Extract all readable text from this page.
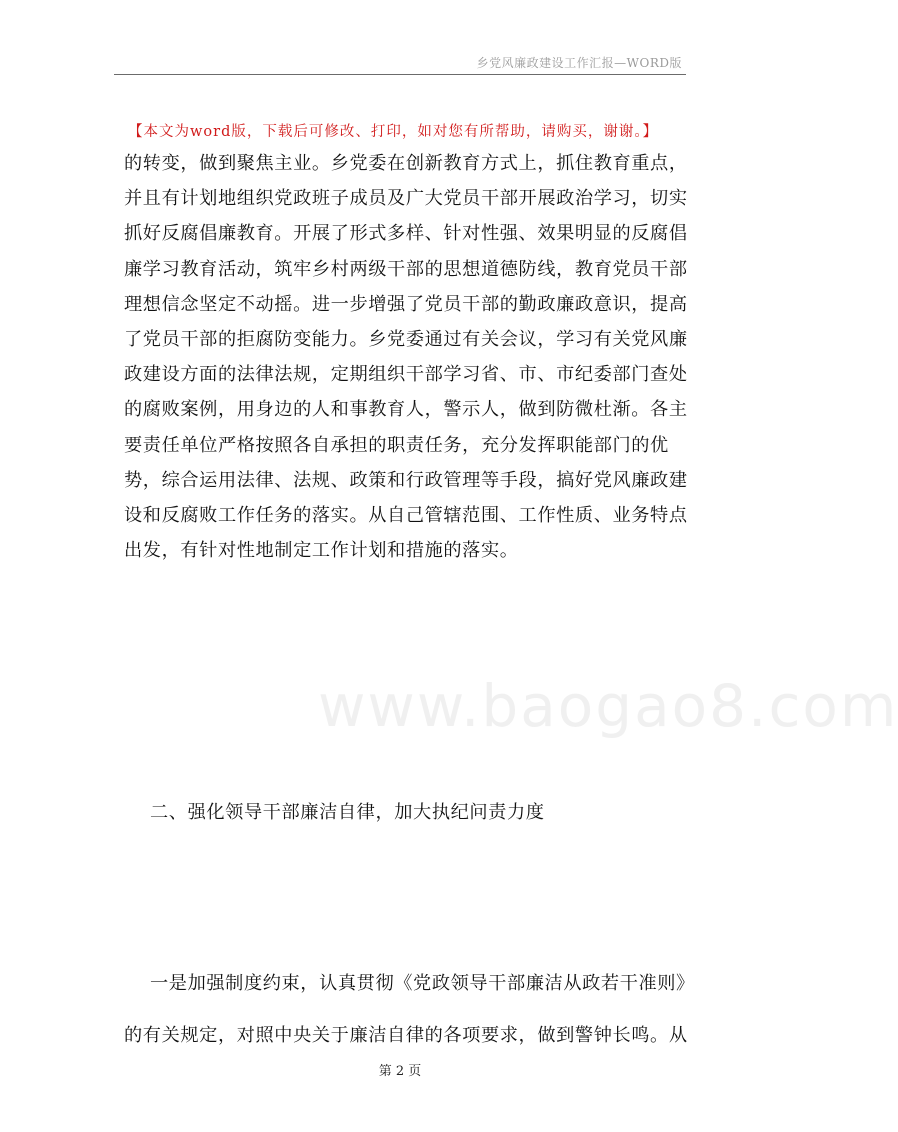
乡党风廉政建设工作汇报—WORD版
【本文为word版，下载后可修改、打印，如对您有所帮助，请购买，谢谢。】
的转变，做到聚焦主业。乡党委在创新教育方式上，抓住教育重点，
并且有计划地组织党政班子成员及广大党员干部开展政治学习，切实
抓好反腐倡廉教育。开展了形式多样、针对性强、效果明显的反腐倡
廉学习教育活动，筑牢乡村两级干部的思想道德防线，教育党员干部
理想信念坚定不动摇。进一步增强了党员干部的勤政廉政意识，提高
了党员干部的拒腐防变能力。乡党委通过有关会议，学习有关党风廉
政建设方面的法律法规，定期组织干部学习省、市、市纪委部门查处
的腐败案例，用身边的人和事教育人，警示人，做到防微杜渐。各主
要责任单位严格按照各自承担的职责任务，充分发挥职能部门的优
势，综合运用法律、法规、政策和行政管理等手段，搞好党风廉政建
设和反腐败工作任务的落实。从自己管辖范围、工作性质、业务特点
出发，有针对性地制定工作计划和措施的落实。
www.baogao8.com
二、强化领导干部廉洁自律，加大执纪问责力度
一是加强制度约束，认真贯彻《党政领导干部廉洁从政若干准则》
的有关规定，对照中央关于廉洁自律的各项要求，做到警钟长鸣。从
第 2 页
